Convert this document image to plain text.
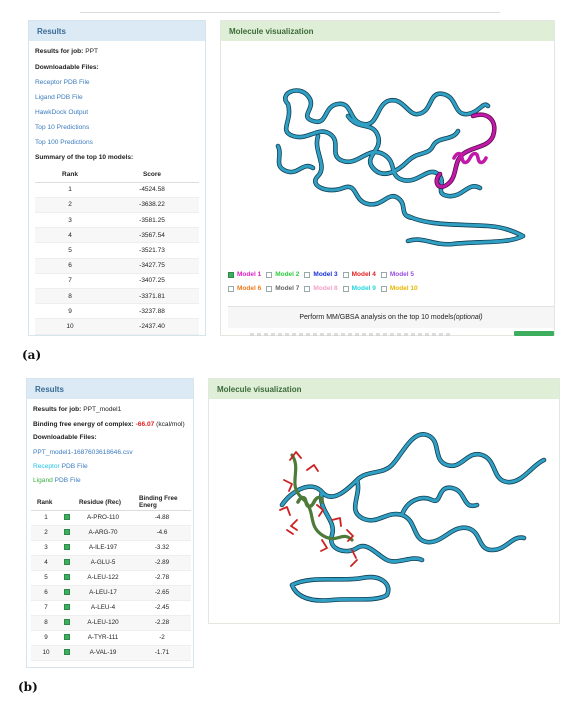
Results
Results for job: PPT
Downloadable Files:
Receptor PDB File
Ligand PDB File
HawkDock Output
Top 10 Predictions
Top 100 Predictions
Summary of the top 10 models:
Rank	Score
1	-4524.58
2	-3638.22
3	-3581.25
4	-3567.54
5	-3521.73
6	-3427.75
7	-3407.25
8	-3371.81
9	-3237.88
10	-2437.40
Molecule visualization
Model 1 Model 2 Model 3 Model 4 Model 5
Model 6 Model 7 Model 8 Model 9 Model 10
Perform MM/GBSA analysis on the top 10 models (optional)
(a)
Results
Results for job: PPT_model1
Binding free energy of complex: -66.07 (kcal/mol)
Downloadable Files:
PPT_model1-1687603618646.csv
Receptor PDB File
Ligand PDB File
Rank		Residue (Rec)	Binding Free Energ
1		A-PRO-110	-4.88
2		A-ARG-70	-4.6
3		A-ILE-197	-3.32
4		A-GLU-5	-2.89
5		A-LEU-122	-2.78
6		A-LEU-17	-2.65
7		A-LEU-4	-2.45
8		A-LEU-120	-2.28
9		A-TYR-111	-2
10		A-VAL-19	-1.71
Molecule visualization
(b)
